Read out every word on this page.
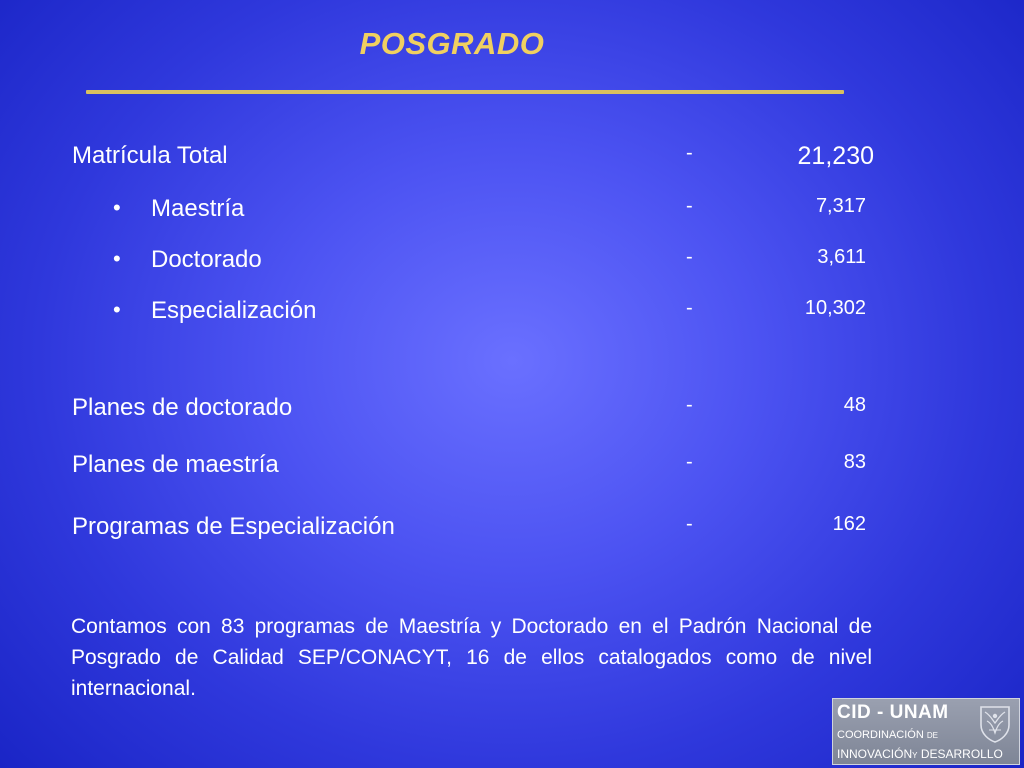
POSGRADO
Matrícula Total	-	21,230
• Maestría	-	7,317
• Doctorado	-	3,611
• Especialización	-	10,302
Planes de doctorado	-	48
Planes de maestría	-	83
Programas de Especialización	-	162

Contamos con 83 programas de Maestría y Doctorado en el Padrón Nacional de Posgrado de Calidad SEP/CONACYT, 16 de ellos catalogados como de nivel internacional.

CID - UNAM
COORDINACIÓN DE
INNOVACIÓNY DESARROLLO
